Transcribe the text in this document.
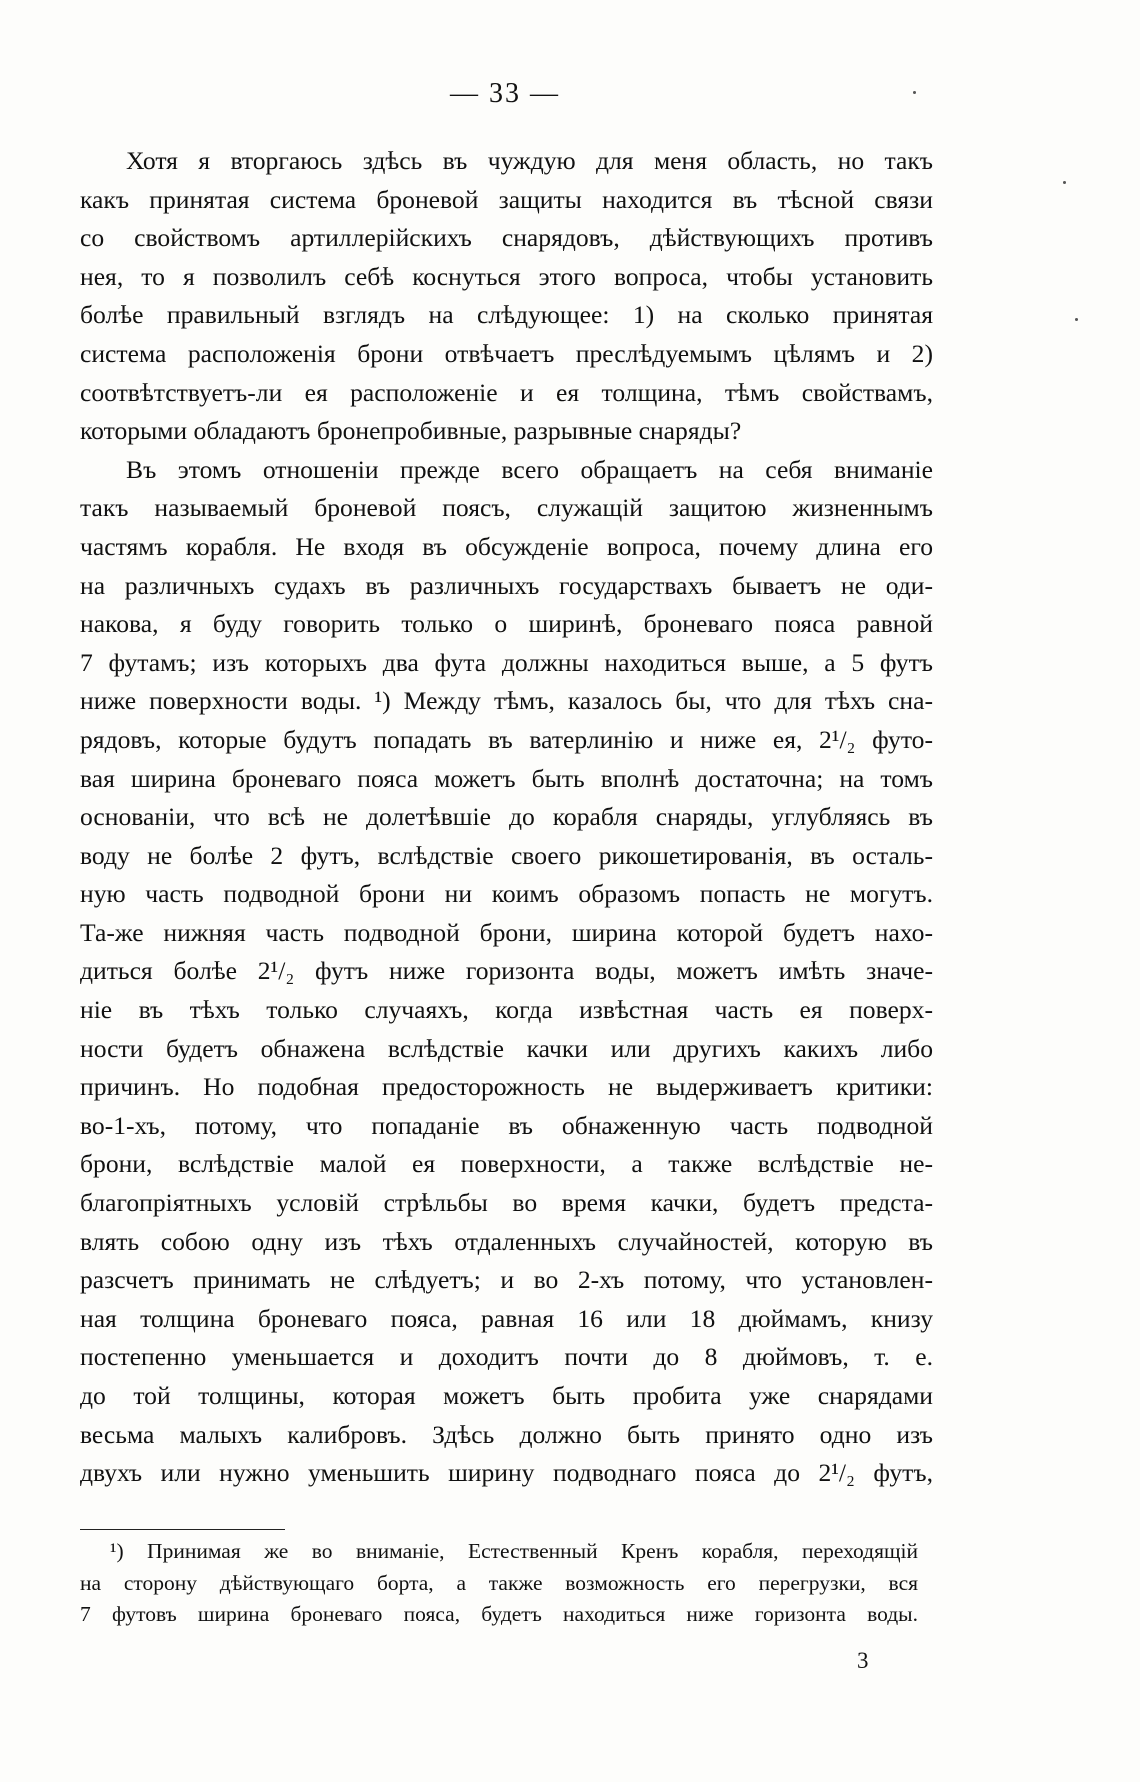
— 33 —
Хотя я вторгаюсь здѣсь въ чуждую для меня область, но такъ
какъ принятая система броневой защиты находится въ тѣсной связи
со свойствомъ артиллерійскихъ снарядовъ, дѣйствующихъ противъ
нея, то я позволилъ себѣ коснуться этого вопроса, чтобы установить
болѣе правильный взглядъ на слѣдующее: 1) на сколько принятая
система расположенія брони отвѣчаетъ преслѣдуемымъ цѣлямъ и 2)
соотвѣтствуетъ-ли ея расположеніе и ея толщина, тѣмъ свойствамъ,
которыми обладаютъ бронепробивные, разрывные снаряды?
Въ этомъ отношеніи прежде всего обращаетъ на себя вниманіе
такъ называемый броневой поясъ, служащій защитою жизненнымъ
частямъ корабля. Не входя въ обсужденіе вопроса, почему длина его
на различныхъ судахъ въ различныхъ государствахъ бываетъ не оди-
накова, я буду говорить только о ширинѣ, броневаго пояса равной
7 футамъ; изъ которыхъ два фута должны находиться выше, а 5 футъ
ниже поверхности воды. ¹) Между тѣмъ, казалось бы, что для тѣхъ сна-
рядовъ, которые будутъ попадать въ ватерлинію и ниже ея, 2¹/₂ футо-
вая ширина броневаго пояса можетъ быть вполнѣ достаточна; на томъ
основаніи, что всѣ не долетѣвшіе до корабля снаряды, углубляясь въ
воду не болѣе 2 футъ, вслѣдствіе своего рикошетированія, въ осталь-
ную часть подводной брони ни коимъ образомъ попасть не могутъ.
Та-же нижняя часть подводной брони, ширина которой будетъ нахо-
диться болѣе 2¹/₂ футъ ниже горизонта воды, можетъ имѣть значе-
ніе въ тѣхъ только случаяхъ, когда извѣстная часть ея поверх-
ности будетъ обнажена вслѣдствіе качки или другихъ какихъ либо
причинъ. Но подобная предосторожность не выдерживаетъ критики:
во-1-хъ, потому, что попаданіе въ обнаженную часть подводной
брони, вслѣдствіе малой ея поверхности, а также вслѣдствіе не-
благопріятныхъ условій стрѣльбы во время качки, будетъ предста-
влять собою одну изъ тѣхъ отдаленныхъ случайностей, которую въ
разсчетъ принимать не слѣдуетъ; и во 2-хъ потому, что установлен-
ная толщина броневаго пояса, равная 16 или 18 дюймамъ, книзу
постепенно уменьшается и доходитъ почти до 8 дюймовъ, т. е.
до той толщины, которая можетъ быть пробита уже снарядами
весьма малыхъ калибровъ. Здѣсь должно быть принято одно изъ
двухъ или нужно уменьшить ширину подводнаго пояса до 2¹/₂ футъ,
¹) Принимая же во вниманіе, Естественный Кренъ корабля, переходящій
на сторону дѣйствующаго борта, а также возможность его перегрузки, вся
7 футовъ ширина броневаго пояса, будетъ находиться ниже горизонта воды.
3
